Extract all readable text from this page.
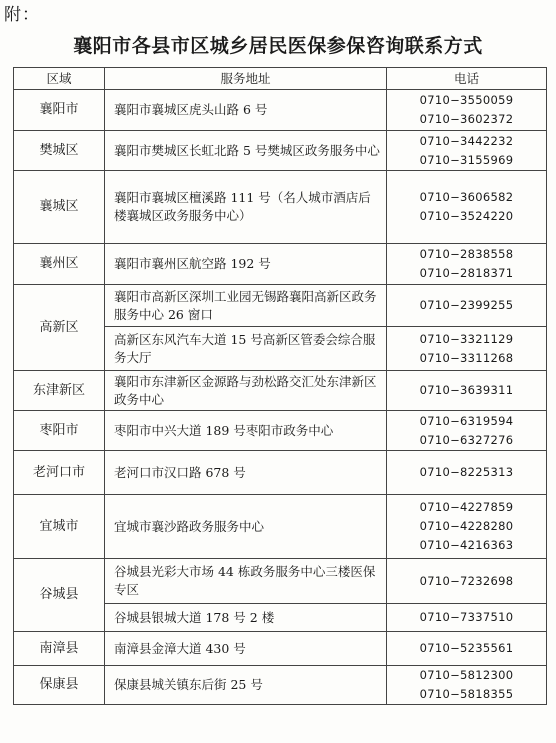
附：
襄阳市各县市区城乡居民医保参保咨询联系方式
区域	服务地址	电话
襄阳市	襄阳市襄城区虎头山路 6 号	0710−3550059
0710−3602372

樊城区	襄阳市樊城区长虹北路 5 号樊城区政务服务中心	0710−3442232
0710−3155969

襄城区	襄阳市襄城区檀溪路 111 号（名人城市酒店后楼襄城区政务服务中心）	0710−3606582
0710−3524220

襄州区	襄阳市襄州区航空路 192 号	0710−2838558
0710−2818371

高新区	襄阳市高新区深圳工业园无锡路襄阳高新区政务服务中心 26 窗口	0710−2399255

	高新区东风汽车大道 15 号高新区管委会综合服务大厅	0710−3321129
0710−3311268

东津新区	襄阳市东津新区金源路与劲松路交汇处东津新区政务中心	0710−3639311

枣阳市	枣阳市中兴大道 189 号枣阳市政务中心	0710−6319594
0710−6327276

老河口市	老河口市汉口路 678 号	0710−8225313

宜城市	宜城市襄沙路政务服务中心	0710−4227859
0710−4228280
0710−4216363

谷城县	谷城县光彩大市场 44 栋政务服务中心三楼医保专区	0710−7232698

	谷城县银城大道 178 号 2 楼	0710−7337510

南漳县	南漳县金漳大道 430 号	0710−5235561

保康县	保康县城关镇东后街 25 号	0710−5812300
0710−5818355
